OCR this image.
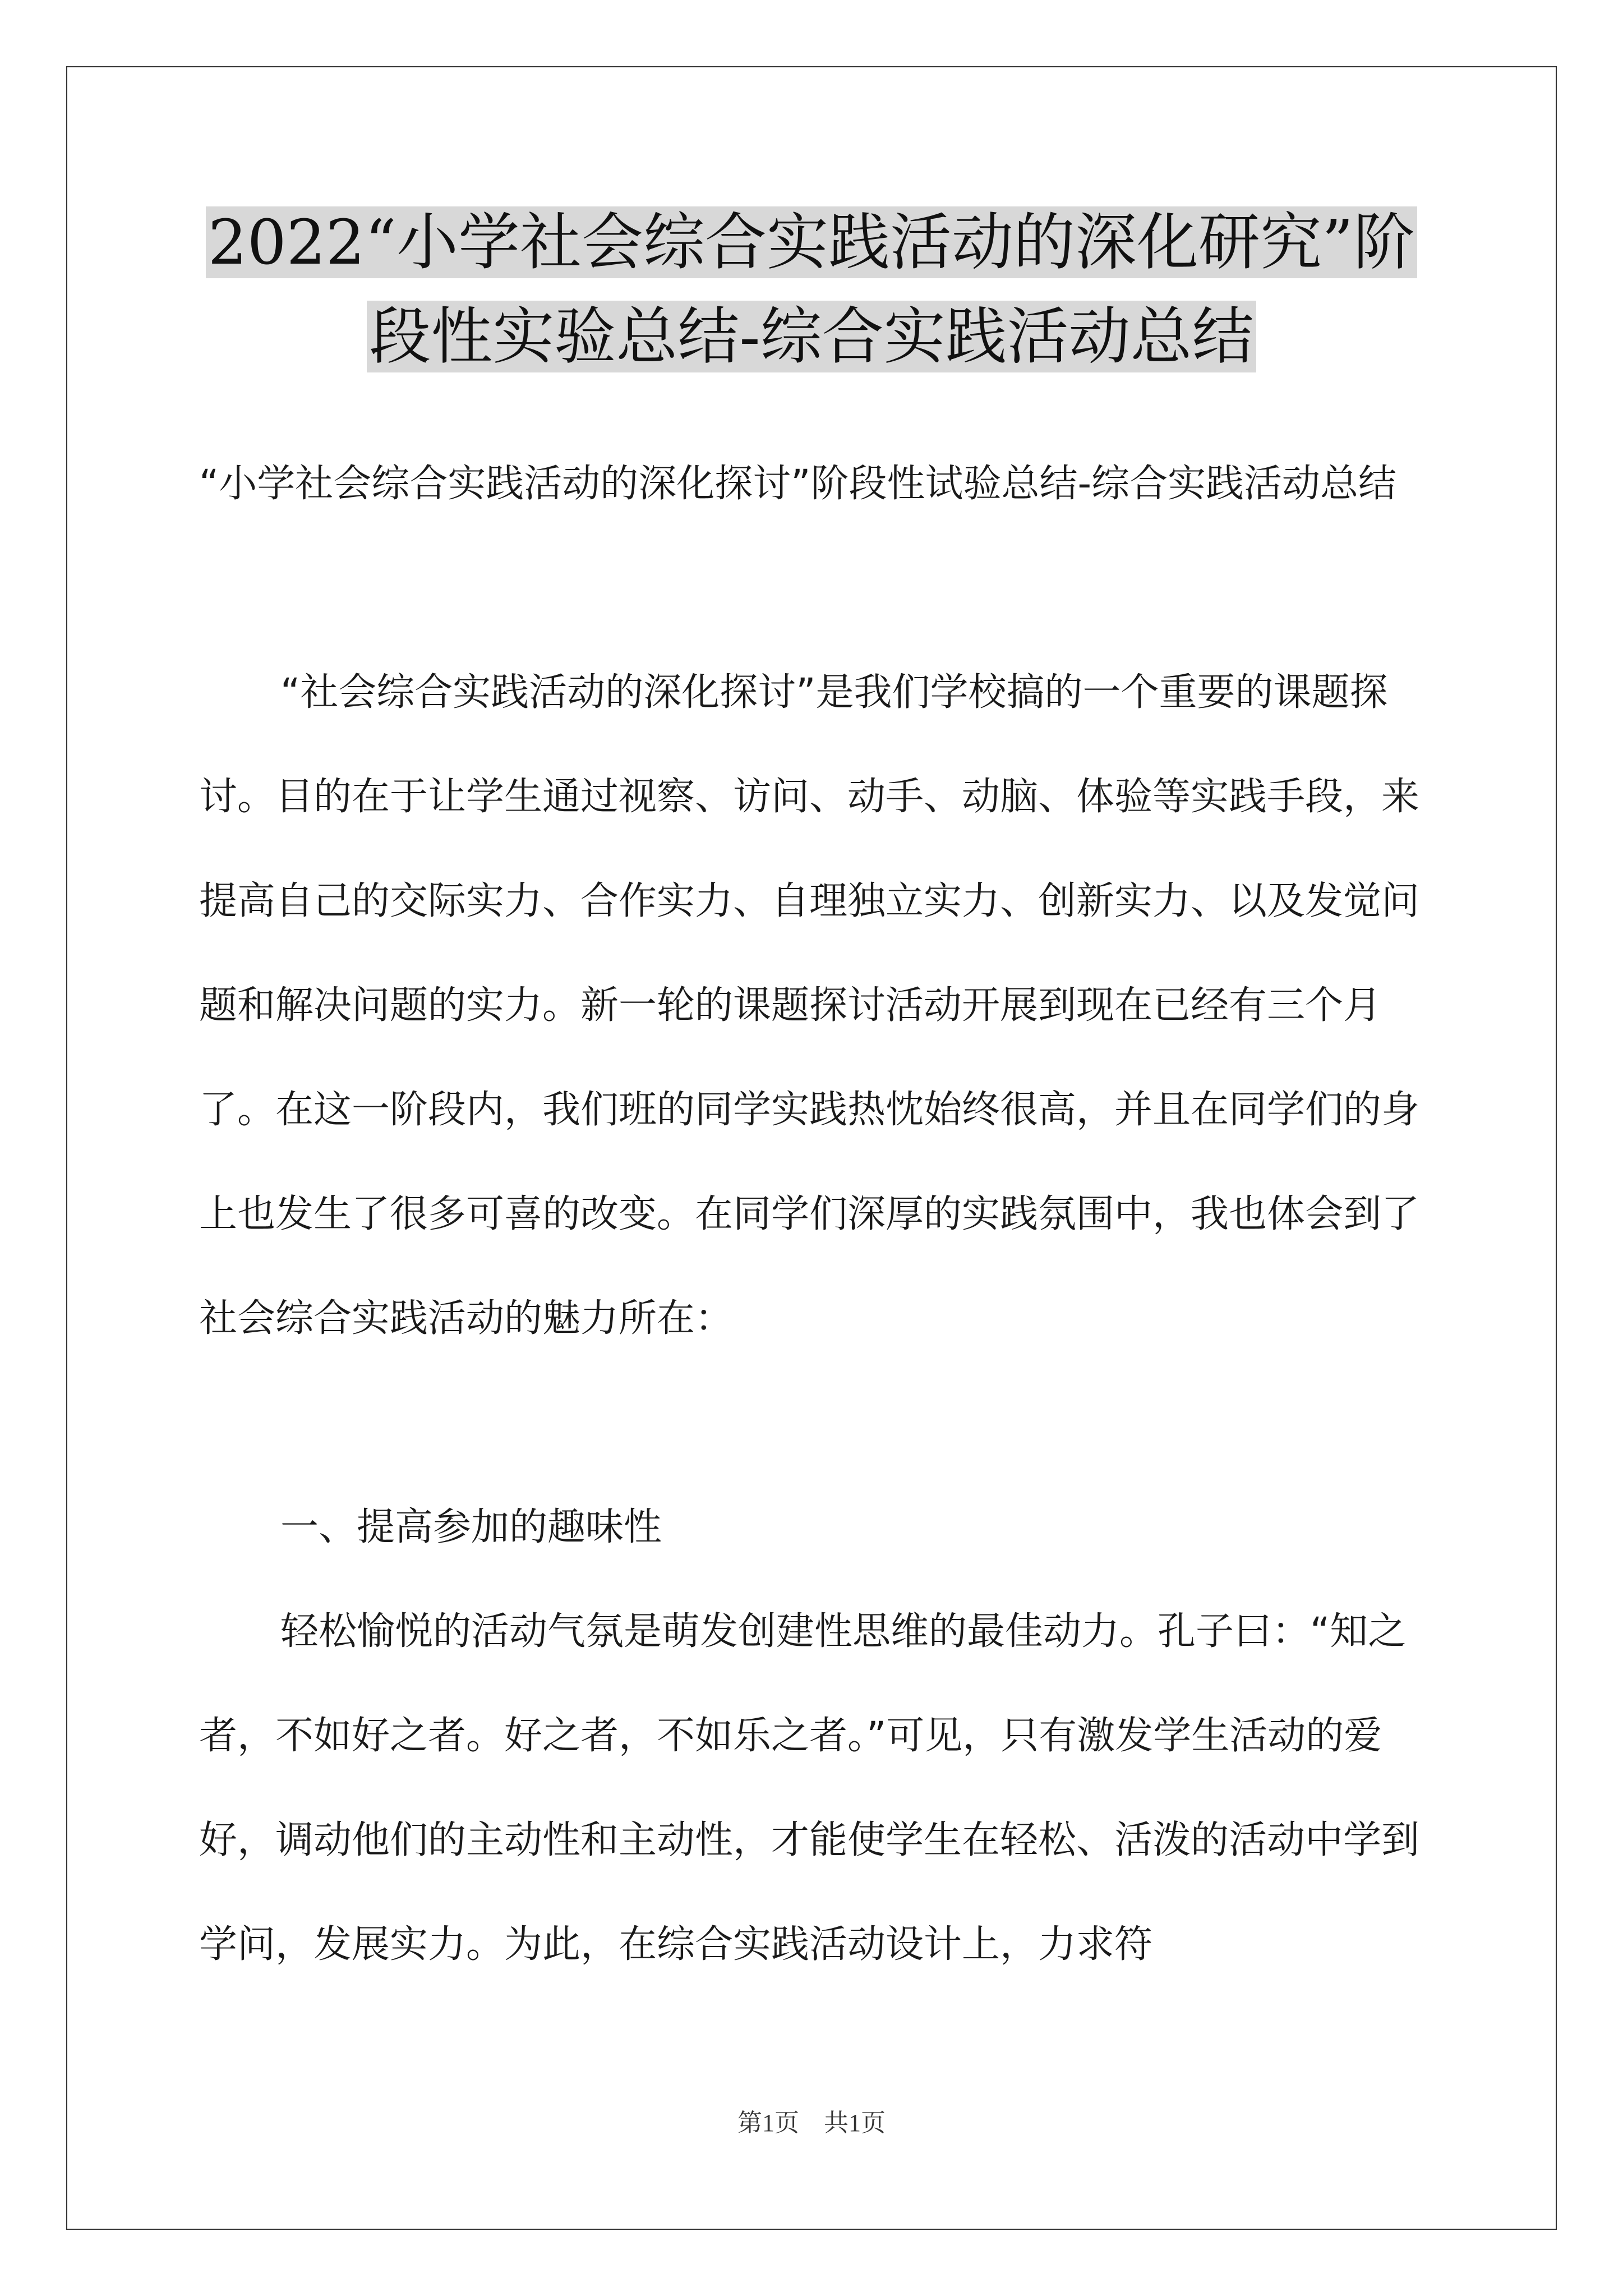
2022“小学社会综合实践活动的深化研究”阶
段性实验总结-综合实践活动总结

“小学社会综合实践活动的深化探讨”阶段性试验总结-综合实践活动总结

“社会综合实践活动的深化探讨”是我们学校搞的一个重要的课题探讨。目的在于让学生通过视察、访问、动手、动脑、体验等实践手段，来提高自己的交际实力、合作实力、自理独立实力、创新实力、以及发觉问题和解决问题的实力。新一轮的课题探讨活动开展到现在已经有三个月了。在这一阶段内，我们班的同学实践热忱始终很高，并且在同学们的身上也发生了很多可喜的改变。在同学们深厚的实践氛围中，我也体会到了社会综合实践活动的魅力所在：

一、提高参加的趣味性

轻松愉悦的活动气氛是萌发创建性思维的最佳动力。孔子曰：“知之者，不如好之者。好之者，不如乐之者。”可见，只有激发学生活动的爱好，调动他们的主动性和主动性，才能使学生在轻松、活泼的活动中学到学问，发展实力。为此，在综合实践活动设计上，力求符

第1页　共1页
